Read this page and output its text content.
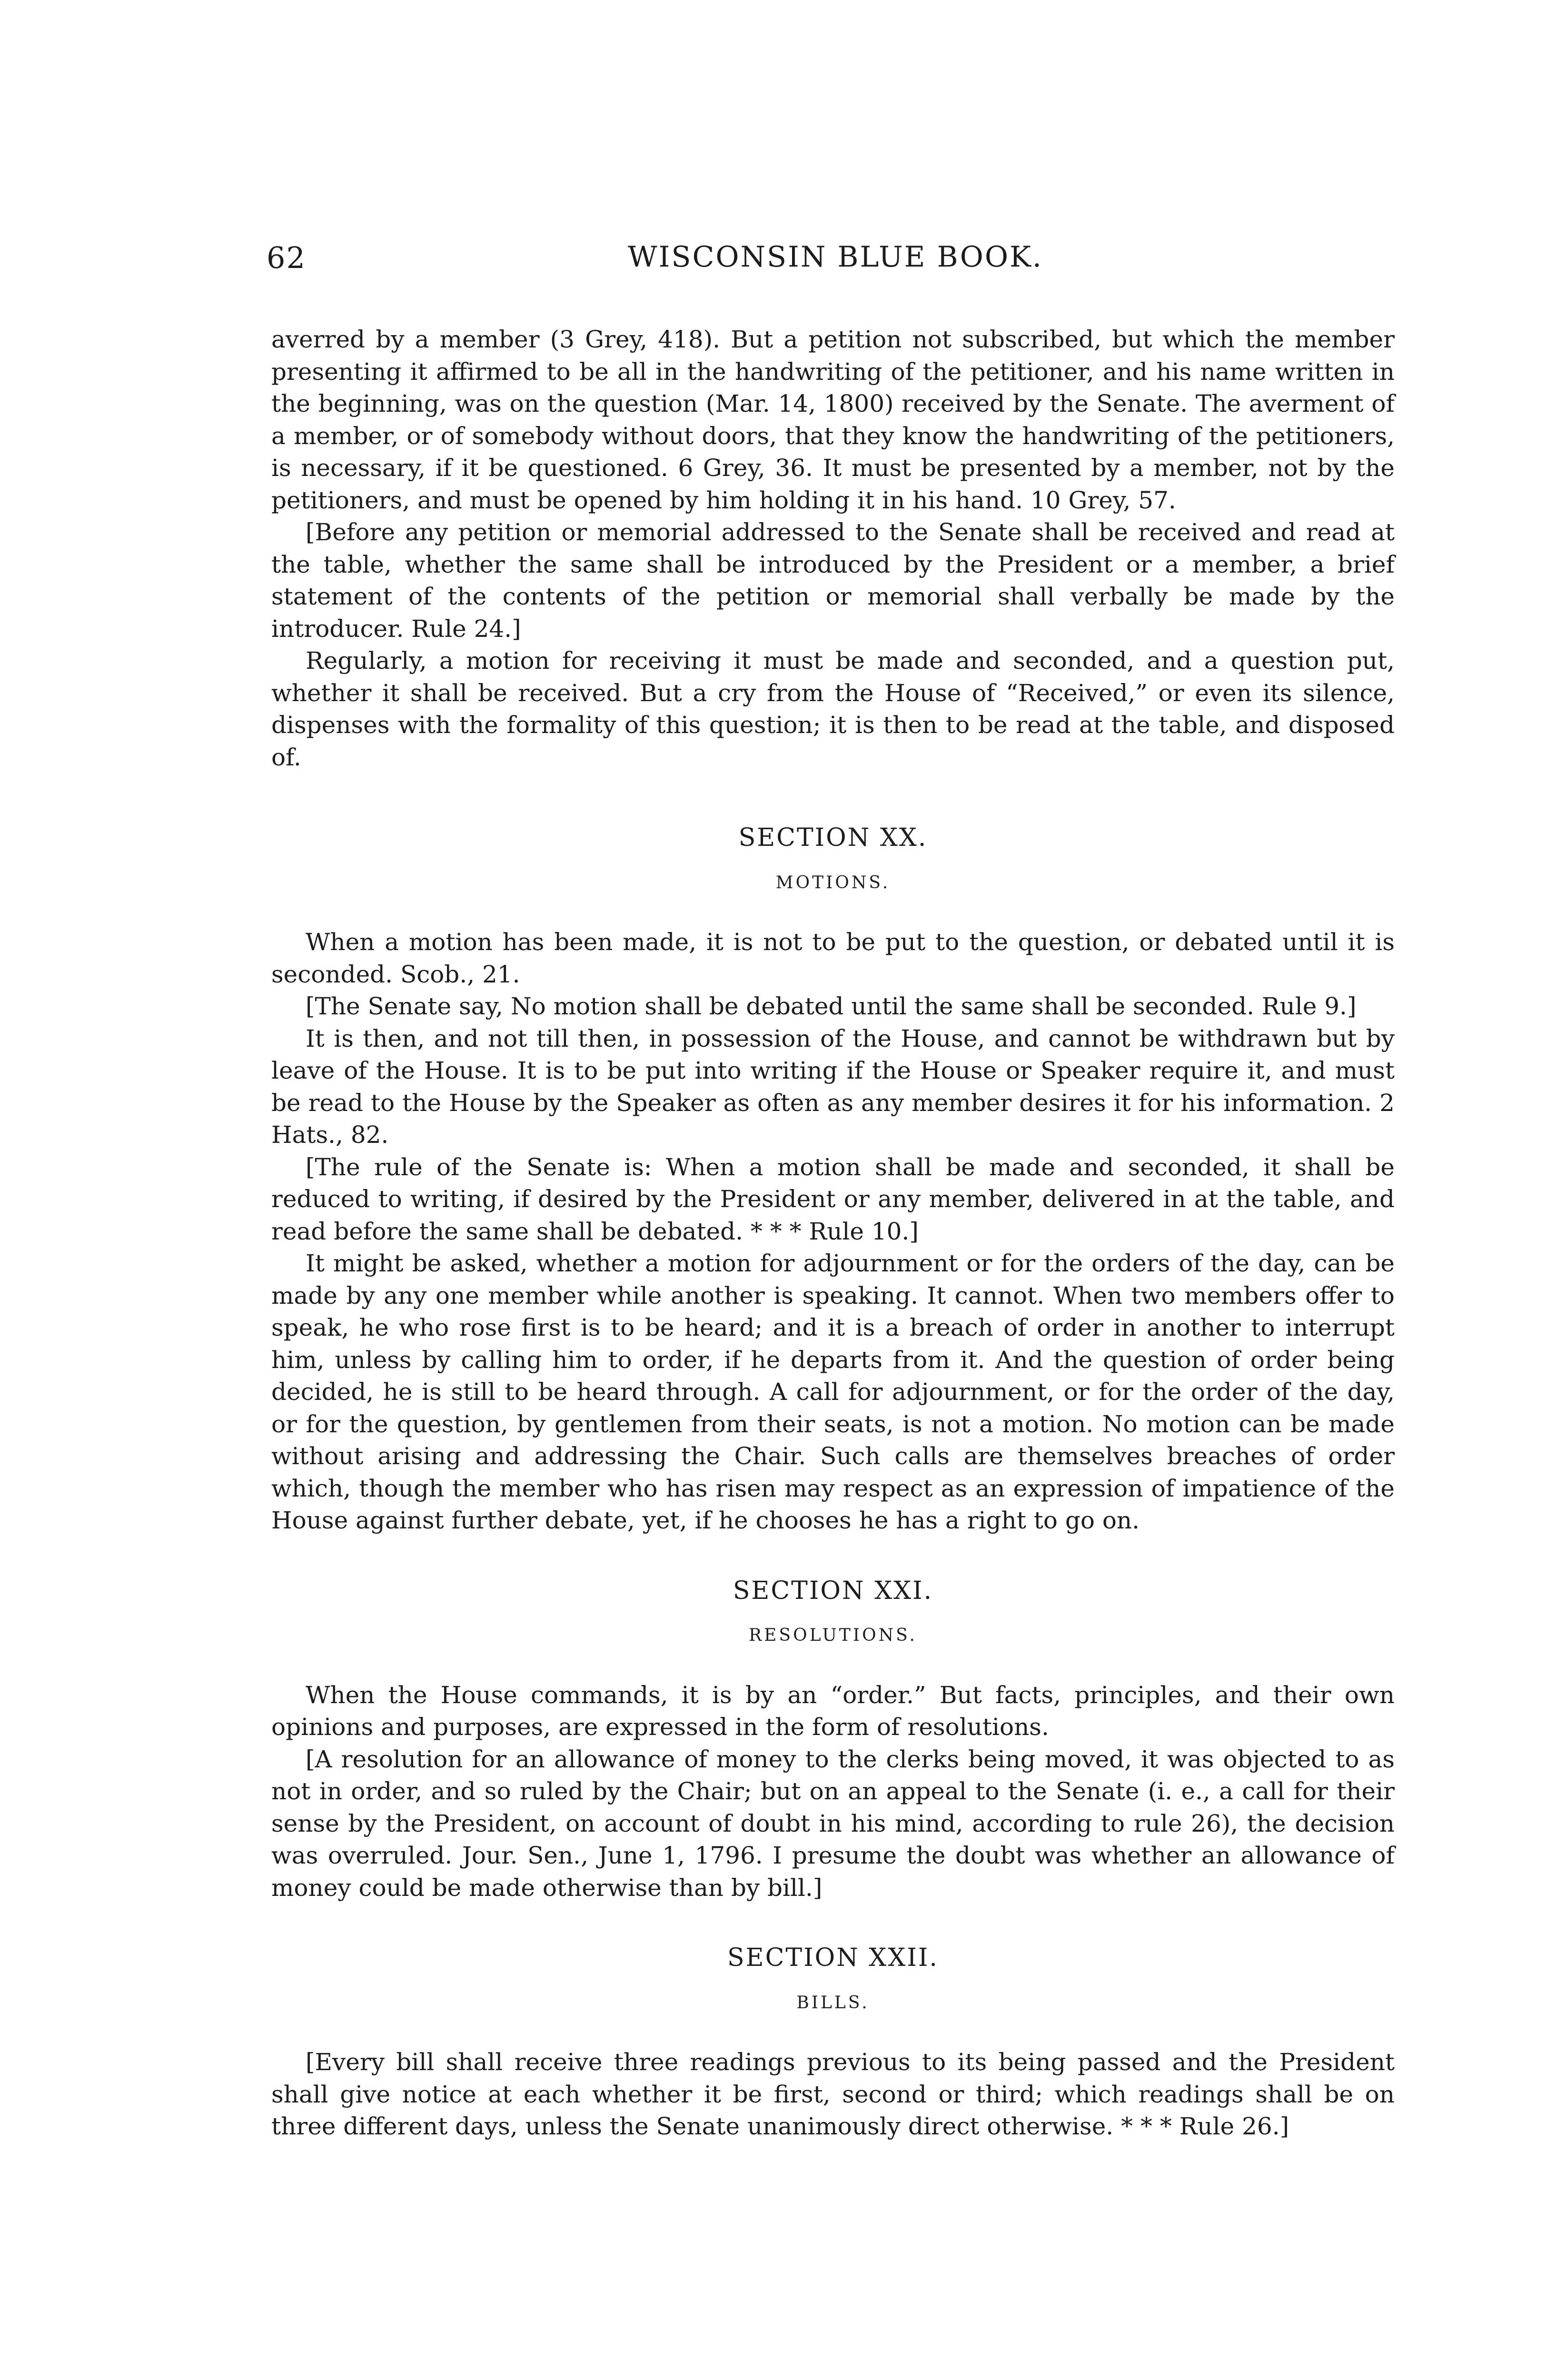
62	WISCONSIN BLUE BOOK.

averred by a member (3 Grey, 418). But a petition not subscribed, but which the member presenting it affirmed to be all in the handwriting of the petitioner, and his name written in the beginning, was on the question (Mar. 14, 1800) received by the Senate. The averment of a member, or of somebody without doors, that they know the handwriting of the petitioners, is necessary, if it be questioned. 6 Grey, 36. It must be presented by a member, not by the petitioners, and must be opened by him holding it in his hand. 10 Grey, 57.

[Before any petition or memorial addressed to the Senate shall be received and read at the table, whether the same shall be introduced by the President or a member, a brief statement of the contents of the petition or memorial shall verbally be made by the introducer. Rule 24.]

Regularly, a motion for receiving it must be made and seconded, and a question put, whether it shall be received. But a cry from the House of “Received,” or even its silence, dispenses with the formality of this question; it is then to be read at the table, and disposed of.

SECTION XX.
MOTIONS.

When a motion has been made, it is not to be put to the question, or debated until it is seconded. Scob., 21.

[The Senate say, No motion shall be debated until the same shall be seconded. Rule 9.]

It is then, and not till then, in possession of the House, and cannot be withdrawn but by leave of the House. It is to be put into writing if the House or Speaker require it, and must be read to the House by the Speaker as often as any member desires it for his information. 2 Hats., 82.

[The rule of the Senate is: When a motion shall be made and seconded, it shall be reduced to writing, if desired by the President or any member, delivered in at the table, and read before the same shall be debated. * * * Rule 10.]

It might be asked, whether a motion for adjournment or for the orders of the day, can be made by any one member while another is speaking. It cannot. When two members offer to speak, he who rose first is to be heard; and it is a breach of order in another to interrupt him, unless by calling him to order, if he departs from it. And the question of order being decided, he is still to be heard through. A call for adjournment, or for the order of the day, or for the question, by gentlemen from their seats, is not a motion. No motion can be made without arising and addressing the Chair. Such calls are themselves breaches of order which, though the member who has risen may respect as an expression of impatience of the House against further debate, yet, if he chooses he has a right to go on.

SECTION XXI.
RESOLUTIONS.

When the House commands, it is by an “order.” But facts, principles, and their own opinions and purposes, are expressed in the form of resolutions.

[A resolution for an allowance of money to the clerks being moved, it was objected to as not in order, and so ruled by the Chair; but on an appeal to the Senate (i. e., a call for their sense by the President, on account of doubt in his mind, according to rule 26), the decision was overruled. Jour. Sen., June 1, 1796. I presume the doubt was whether an allowance of money could be made otherwise than by bill.]

SECTION XXII.
BILLS.

[Every bill shall receive three readings previous to its being passed and the President shall give notice at each whether it be first, second or third; which readings shall be on three different days, unless the Senate unanimously direct otherwise. * * * Rule 26.]
